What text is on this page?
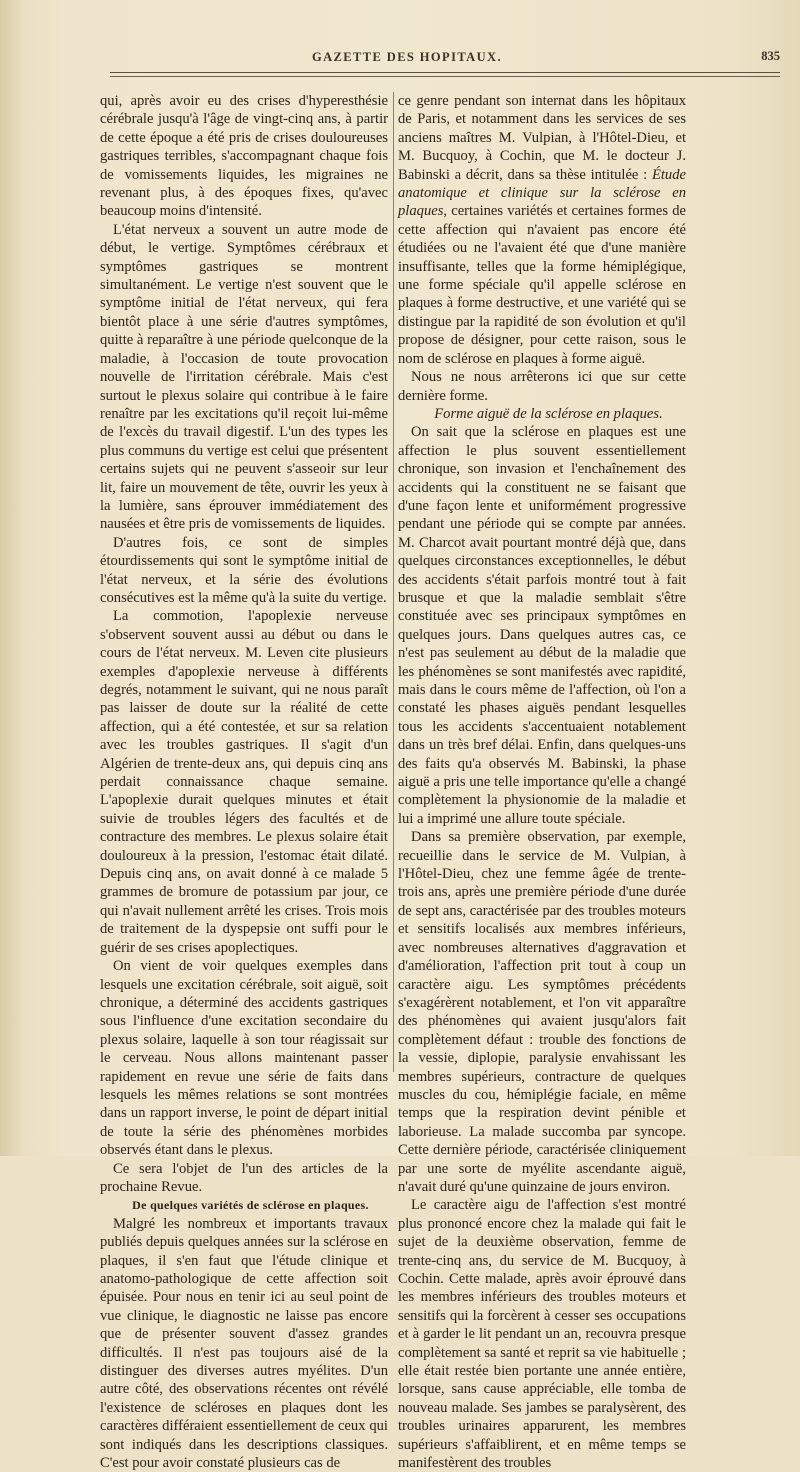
GAZETTE DES HOPITAUX.	835

qui, après avoir eu des crises d'hyperesthésie cérébrale jusqu'à l'âge de vingt-cinq ans, à partir de cette époque a été pris de crises douloureuses gastriques terribles, s'accompagnant chaque fois de vomissements liquides, les migraines ne revenant plus, à des époques fixes, qu'avec beaucoup moins d'intensité.

L'état nerveux a souvent un autre mode de début, le vertige. Symptômes cérébraux et symptômes gastriques se montrent simultanément. Le vertige n'est souvent que le symptôme initial de l'état nerveux, qui fera bientôt place à une série d'autres symptômes, quitte à reparaître à une période quelconque de la maladie, à l'occasion de toute provocation nouvelle de l'irritation cérébrale. Mais c'est surtout le plexus solaire qui contribue à le faire renaître par les excitations qu'il reçoit lui-même de l'excès du travail digestif. L'un des types les plus communs du vertige est celui que présentent certains sujets qui ne peuvent s'asseoir sur leur lit, faire un mouvement de tête, ouvrir les yeux à la lumière, sans éprouver immédiatement des nausées et être pris de vomissements de liquides.

D'autres fois, ce sont de simples étourdissements qui sont le symptôme initial de l'état nerveux, et la série des évolutions consécutives est la même qu'à la suite du vertige.

La commotion, l'apoplexie nerveuse s'observent souvent aussi au début ou dans le cours de l'état nerveux. M. Leven cite plusieurs exemples d'apoplexie nerveuse à différents degrés, notamment le suivant, qui ne nous paraît pas laisser de doute sur la réalité de cette affection, qui a été contestée, et sur sa relation avec les troubles gastriques. Il s'agit d'un Algérien de trente-deux ans, qui depuis cinq ans perdait connaissance chaque semaine. L'apoplexie durait quelques minutes et était suivie de troubles légers des facultés et de contracture des membres. Le plexus solaire était douloureux à la pression, l'estomac était dilaté. Depuis cinq ans, on avait donné à ce malade 5 grammes de bromure de potassium par jour, ce qui n'avait nullement arrêté les crises. Trois mois de traitement de la dyspepsie ont suffi pour le guérir de ses crises apoplectiques.

On vient de voir quelques exemples dans lesquels une excitation cérébrale, soit aiguë, soit chronique, a déterminé des accidents gastriques sous l'influence d'une excitation secondaire du plexus solaire, laquelle à son tour réagissait sur le cerveau. Nous allons maintenant passer rapidement en revue une série de faits dans lesquels les mêmes relations se sont montrées dans un rapport inverse, le point de départ initial de toute la série des phénomènes morbides observés étant dans le plexus.

Ce sera l'objet de l'un des articles de la prochaine Revue.

De quelques variétés de sclérose en plaques.

Malgré les nombreux et importants travaux publiés depuis quelques années sur la sclérose en plaques, il s'en faut que l'étude clinique et anatomo-pathologique de cette affection soit épuisée. Pour nous en tenir ici au seul point de vue clinique, le diagnostic ne laisse pas encore que de présenter souvent d'assez grandes difficultés. Il n'est pas toujours aisé de la distinguer des diverses autres myélites. D'un autre côté, des observations récentes ont révélé l'existence de scléroses en plaques dont les caractères différaient essentiellement de ceux qui sont indiqués dans les descriptions classiques. C'est pour avoir constaté plusieurs cas de

ce genre pendant son internat dans les hôpitaux de Paris, et notamment dans les services de ses anciens maîtres M. Vulpian, à l'Hôtel-Dieu, et M. Bucquoy, à Cochin, que M. le docteur J. Babinski a décrit, dans sa thèse intitulée : Étude anatomique et clinique sur la sclérose en plaques, certaines variétés et certaines formes de cette affection qui n'avaient pas encore été étudiées ou ne l'avaient été que d'une manière insuffisante, telles que la forme hémiplégique, une forme spéciale qu'il appelle sclérose en plaques à forme destructive, et une variété qui se distingue par la rapidité de son évolution et qu'il propose de désigner, pour cette raison, sous le nom de sclérose en plaques à forme aiguë.

Nous ne nous arrêterons ici que sur cette dernière forme.

Forme aiguë de la sclérose en plaques.

On sait que la sclérose en plaques est une affection le plus souvent essentiellement chronique, son invasion et l'enchaînement des accidents qui la constituent ne se faisant que d'une façon lente et uniformément progressive pendant une période qui se compte par années. M. Charcot avait pourtant montré déjà que, dans quelques circonstances exceptionnelles, le début des accidents s'était parfois montré tout à fait brusque et que la maladie semblait s'être constituée avec ses principaux symptômes en quelques jours. Dans quelques autres cas, ce n'est pas seulement au début de la maladie que les phénomènes se sont manifestés avec rapidité, mais dans le cours même de l'affection, où l'on a constaté les phases aiguës pendant lesquelles tous les accidents s'accentuaient notablement dans un très bref délai. Enfin, dans quelques-uns des faits qu'a observés M. Babinski, la phase aiguë a pris une telle importance qu'elle a changé complètement la physionomie de la maladie et lui a imprimé une allure toute spéciale.

Dans sa première observation, par exemple, recueillie dans le service de M. Vulpian, à l'Hôtel-Dieu, chez une femme âgée de trente-trois ans, après une première période d'une durée de sept ans, caractérisée par des troubles moteurs et sensitifs localisés aux membres inférieurs, avec nombreuses alternatives d'aggravation et d'amélioration, l'affection prit tout à coup un caractère aigu. Les symptômes précédents s'exagérèrent notablement, et l'on vit apparaître des phénomènes qui avaient jusqu'alors fait complètement défaut : trouble des fonctions de la vessie, diplopie, paralysie envahissant les membres supérieurs, contracture de quelques muscles du cou, hémiplégie faciale, en même temps que la respiration devint pénible et laborieuse. La malade succomba par syncope. Cette dernière période, caractérisée cliniquement par une sorte de myélite ascendante aiguë, n'avait duré qu'une quinzaine de jours environ.

Le caractère aigu de l'affection s'est montré plus prononcé encore chez la malade qui fait le sujet de la deuxième observation, femme de trente-cinq ans, du service de M. Bucquoy, à Cochin. Cette malade, après avoir éprouvé dans les membres inférieurs des troubles moteurs et sensitifs qui la forcèrent à cesser ses occupations et à garder le lit pendant un an, recouvra presque complètement sa santé et reprit sa vie habituelle ; elle était restée bien portante une année entière, lorsque, sans cause appréciable, elle tomba de nouveau malade. Ses jambes se paralysèrent, des troubles urinaires apparurent, les membres supérieurs s'affaiblirent, et en même temps se manifestèrent des troubles
